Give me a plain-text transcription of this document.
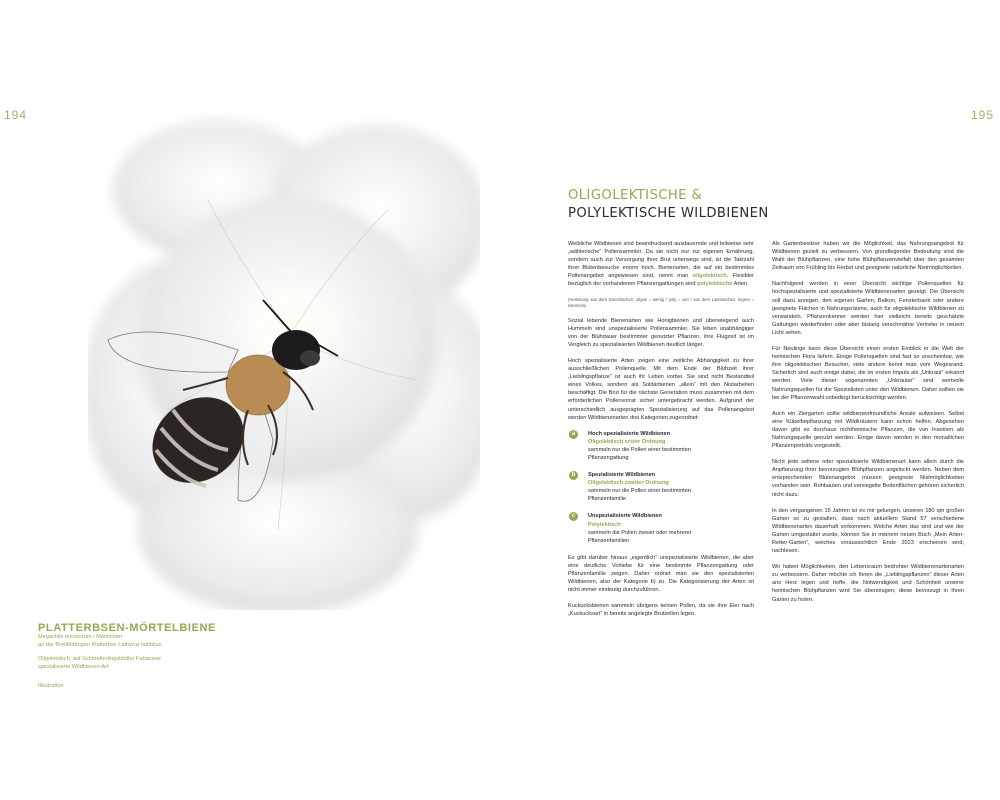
194	195
PLATTERBSEN-MÖRTELBIENE
Megachile ericetorum / Männchen
an der Breitblättrigen Platterbse Lathyrus latifolius
Oligolektisch, auf Schmetterlingsblütler Fabaceae
spezialisierte Wildbienen-Art
Illustration
OLIGOLEKTISCHE &
POLYLEKTISCHE WILDBIENEN

Weibliche Wildbienen sind beeindruckend ausdauernde und teilweise sehr „wählerische“ Pollensammler. Da sie nicht nur zur eigenen Ernährung, sondern auch zur Versorgung ihrer Brut unterwegs sind, ist die Taktzahl ihrer Blütenbesuche enorm hoch. Bienenarten, die auf ein bestimmtes Pollenangebot angewiesen sind, nennt man oligolektisch. Flexibler bezüglich der vorhandenen Pflanzengattungen sind polylektische Arten.

(Herleitung aus dem Griechischen: oligos = wenig / poly = viel / aus dem Lateinischen: legere = sammeln)

Sozial lebende Bienenarten wie Honigbienen und überwiegend auch Hummeln sind unspezialisierte Pollensammler. Sie leben unabhängiger von der Blühdauer bestimmter genutzter Pflanzen, ihre Flugzeit ist im Vergleich zu spezialisierten Wildbienen deutlich länger.

Hoch spezialisierte Arten zeigen eine zeitliche Abhängigkeit zu ihrer ausschließlichen Pollenquelle. Mit dem Ende der Blühzeit ihrer „Lieblingspflanze“ ist auch ihr Leben vorbei. Sie sind nicht Bestandteil eines Volkes, sondern als Solitärbienen „allein“ mit den Nistarbeiten beschäftigt. Die Brut für die nächste Generation muss zusammen mit dem erforderlichen Pollenvorrat sicher untergebracht werden. Aufgrund der unterschiedlich ausgeprägten Spezialisierung auf das Pollenangebot werden Wildbienenarten drei Kategorien zugeordnet:

a	Hoch spezialisierte Wildbienen
Oligolektisch erster Ordnung
sammeln nur die Pollen einer bestimmten
Pflanzengattung
b	Spezialisierte Wildbienen
Oligolektisch zweiter Ordnung
sammeln nur die Pollen einer bestimmten
Pflanzenfamilie
c	Unspezialisierte Wildbienen
Polylektisch
sammeln die Pollen zweier oder mehrerer
Pflanzenfamilien

Es gibt darüber hinaus „eigentlich“ unspezialisierte Wildbienen, die aber eine deutliche Vorliebe für eine bestimmte Pflanzengattung oder Pflanzenfamilie zeigen. Daher ordnet man sie den spezialisierten Wildbienen, also der Kategorie b) zu. Die Kategorisierung der Arten ist nicht immer eindeutig durchzuführen.

Kuckucksbienen sammeln übrigens keinen Pollen, da sie ihre Eier nach „Kuckucksart“ in bereits angelegte Brutzellen legen.

Als Gartenbesitzer haben wir die Möglichkeit, das Nahrungsangebot für Wildbienen gezielt zu verbessern. Von grundlegender Bedeutung sind die Wahl der Blühpflanzen, eine hohe Blühpflanzenvielfalt über den gesamten Zeitraum von Frühling bis Herbst und geeignete natürliche Nistmöglichkeiten.

Nachfolgend werden in einer Übersicht wichtige Pollenquellen für hochspezialisierte und spezialisierte Wildbienenarten gezeigt. Die Übersicht soll dazu anregen, den eigenen Garten, Balkon, Fensterbank oder andere geeignete Flächen in Nahrungsräume, auch für oligolektische Wildbienen zu verwandeln. Pflanzenkenner werden hier vielleicht bereits geschätzte Gattungen wiederfinden oder aber bislang verschmähte Vertreter in neuem Licht sehen.

Für Neulinge kann diese Übersicht einen ersten Einblick in die Welt der heimischen Flora liefern. Einige Pollenquellen sind fast so unscheinbar, wie ihre oligolektischen Besucher, viele andere kennt man vom Wegesrand. Sicherlich sind auch einige dabei, die im ersten Impuls als „Unkraut“ erkannt werden. Viele dieser sogenannten „Unkräuter“ sind wertvolle Nahrungsquellen für die Spezialisten unter den Wildbienen. Daher sollten sie bei der Pflanzenwahl unbedingt berücksichtigt werden.

Auch ein Ziergarten sollte wildbienenfreundliche Areale aufweisen. Selbst eine Kübelbepflanzung mit Wildkräutern kann schon helfen. Abgesehen davon gibt es durchaus nichtheimische Pflanzen, die von Insekten als Nahrungsquelle genutzt werden. Einige davon werden in den monatlichen Pflanzenporträts vorgestellt.

Nicht jede seltene oder spezialisierte Wildbienenart kann allein durch die Anpflanzung ihrer bevorzugten Blühpflanzen angelockt werden. Neben dem entsprechenden Blütenangebot müssen geeignete Nistmöglichkeiten vorhanden sein. Rohbauten und versiegelte Bodenflächen gehören sicherlich nicht dazu.

In den vergangenen 15 Jahren ist es mir gelungen, unseren 180 qm großen Garten so zu gestalten, dass nach aktuellem Stand 57 verschiedene Wildbienenarten dauerhaft vorkommen. Welche Arten das sind und wie der Garten umgestaltet wurde, können Sie in meinem neuen Buch „Mein Arten-Retter-Garten“, welches voraussichtlich Ende 2023 erscheinen wird, nachlesen.

Wir haben Möglichkeiten, den Lebensraum bedrohter Wildbienenartenarten zu verbessern. Daher möchte ich Ihnen die „Lieblingspflanzen“ dieser Arten ans Herz legen und hoffe, die Notwendigkeit und Schönheit unserer heimischen Blühpflanzen wird Sie überzeugen, diese bevorzugt in Ihren Garten zu holen.
